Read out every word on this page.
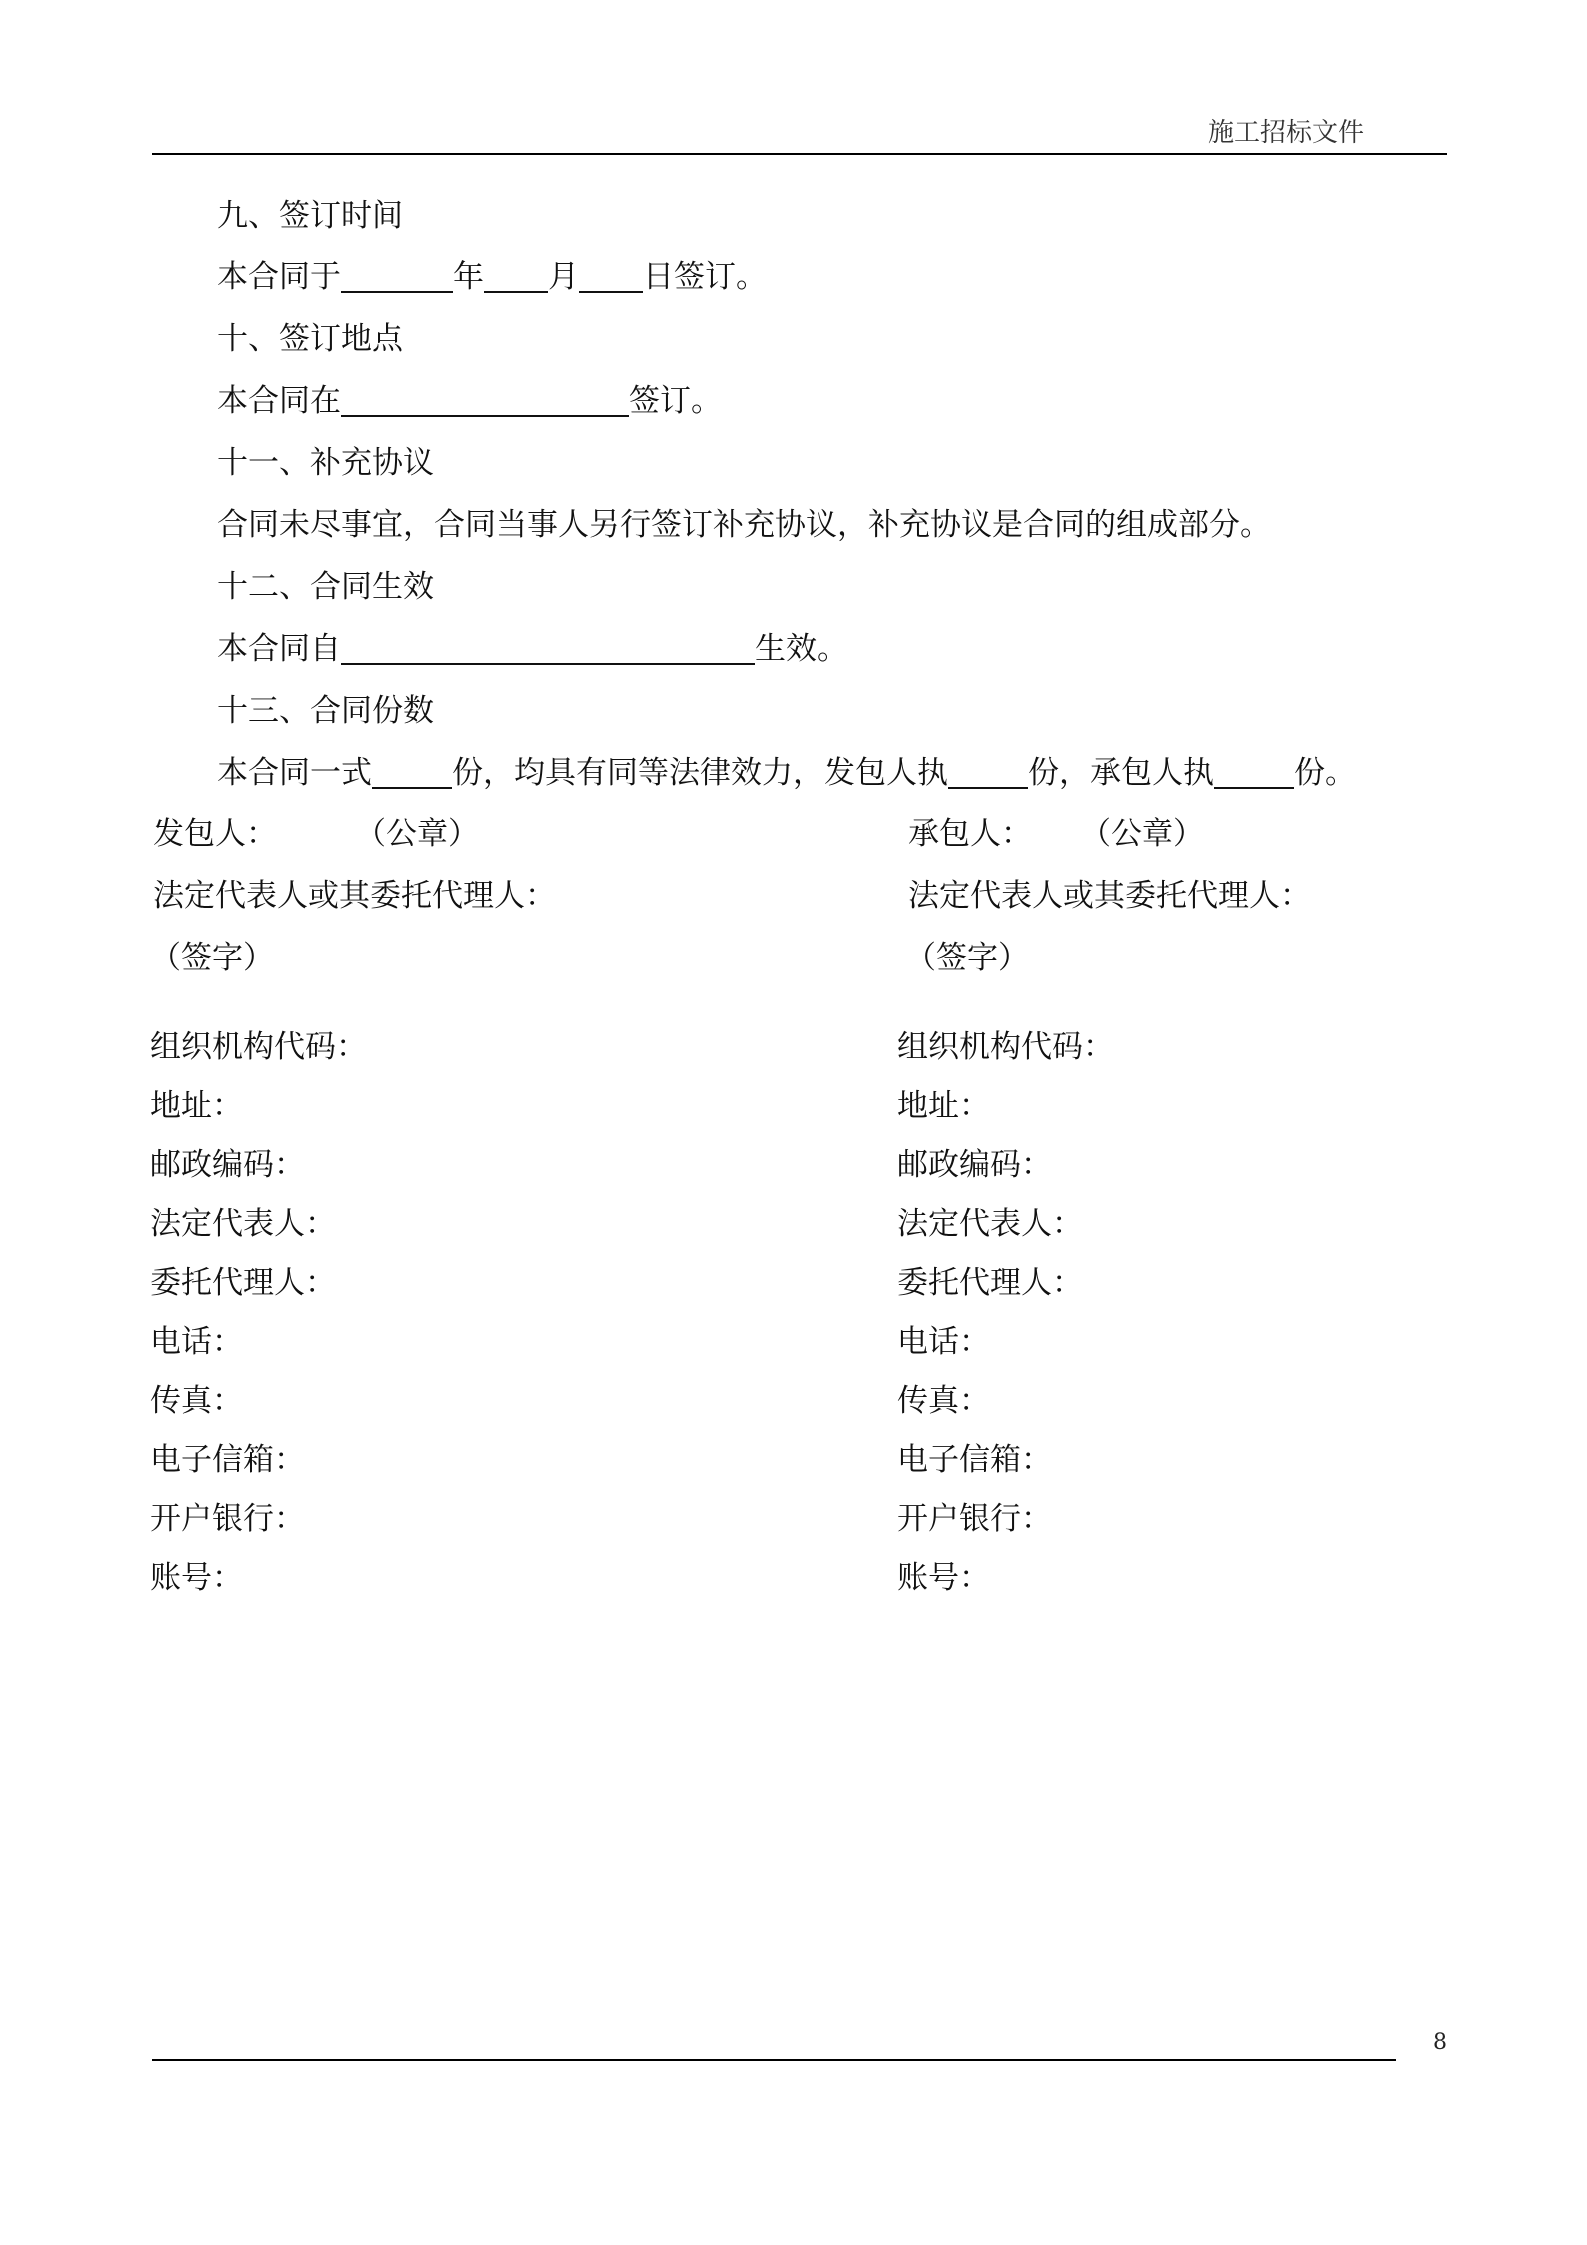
施工招标文件
九、签订时间
本合同于	年 月 日签订。
十、签订地点
本合同在	签订。
十一、补充协议
合同未尽事宜，合同当事人另行签订补充协议，补充协议是合同的组成部分。
十二、合同生效
本合同自	生效。
十三、合同份数
本合同一式	份，均具有同等法律效力，发包人执	份，承包人执	份。
发包人：	（公章）
法定代表人或其委托代理人：
（签字）
承包人： （公章）
法定代表人或其委托代理人：
（签字）
组织机构代码：
地址：
邮政编码：
法定代表人：
委托代理人：
电话：
传真：
电子信箱：
开户银行：
账号：
组织机构代码：
地址：
邮政编码：
法定代表人：
委托代理人：
电话：
传真：
电子信箱：
开户银行：
账号：
8
